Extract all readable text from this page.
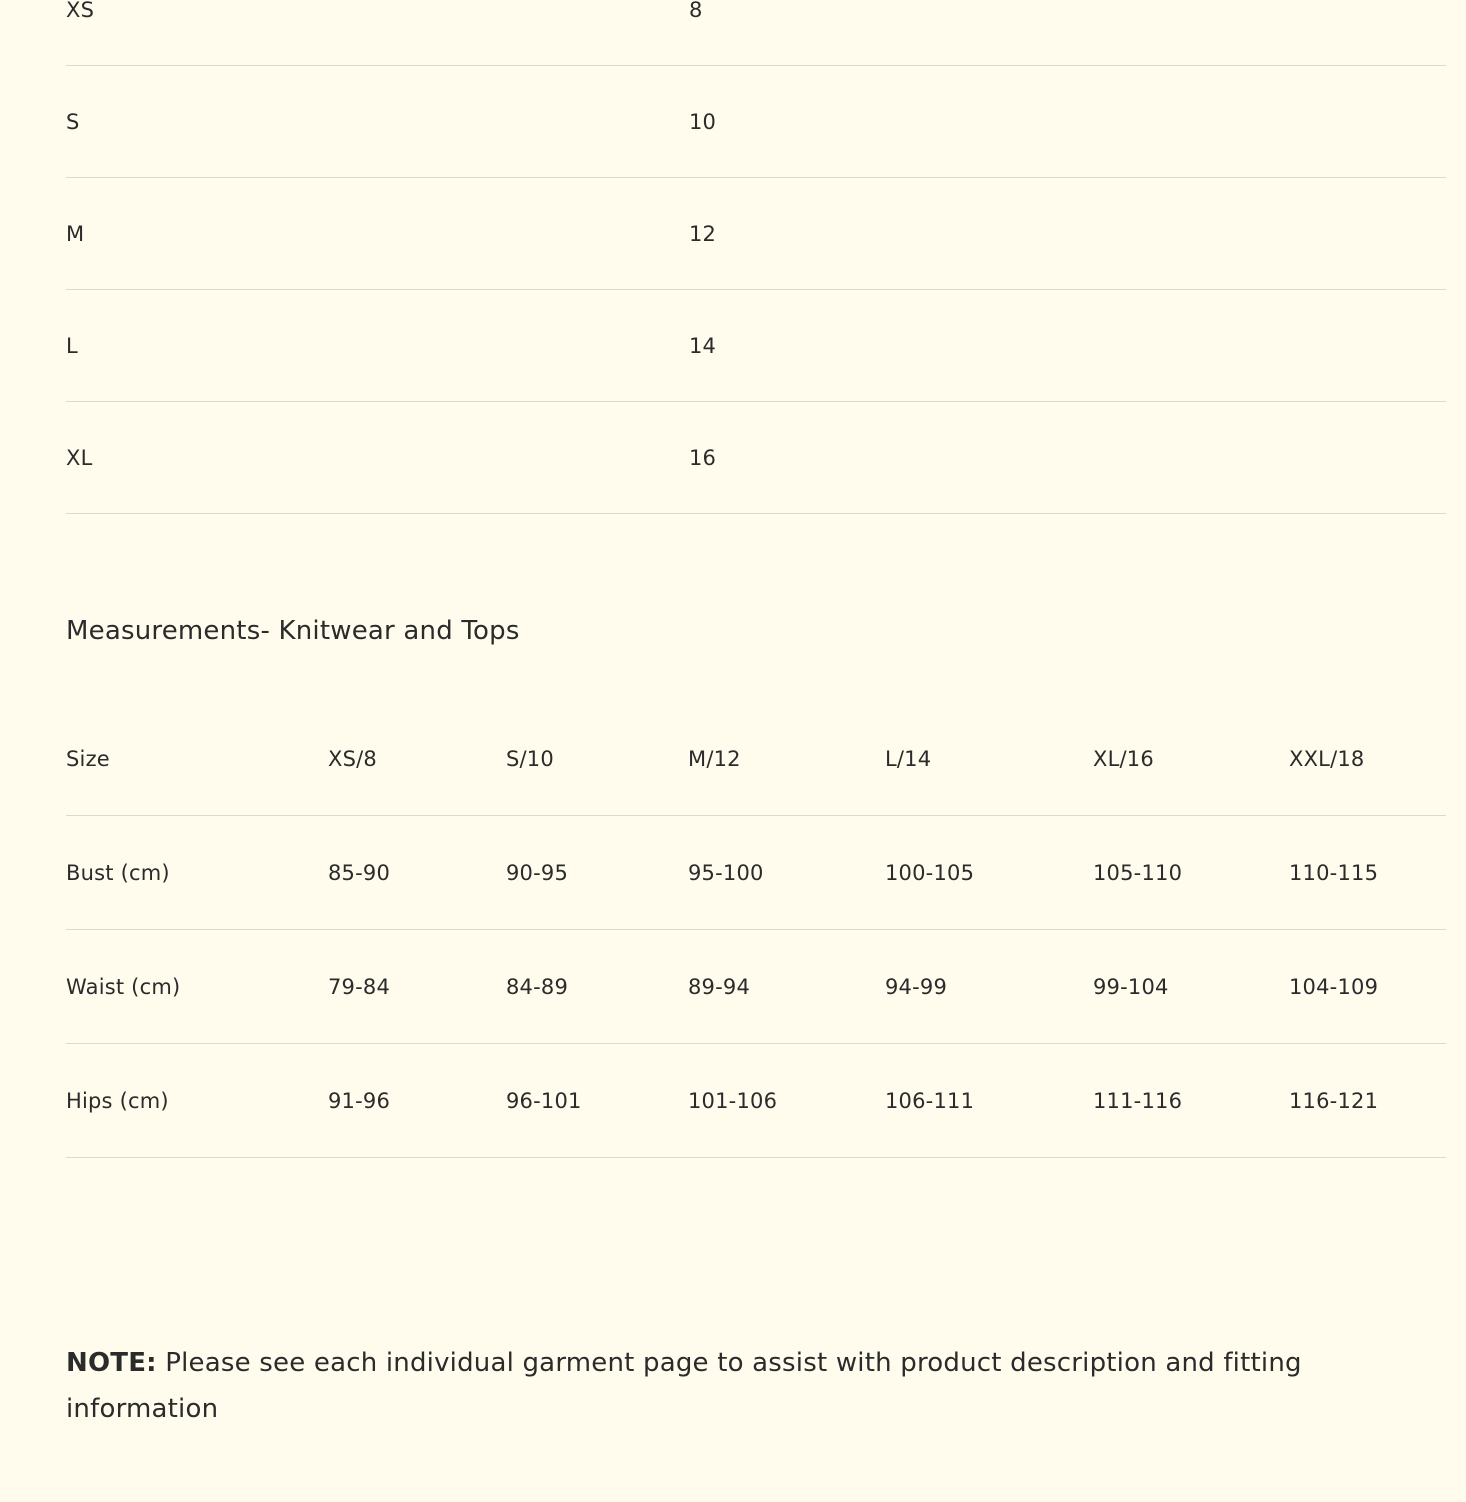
XS	8
S	10
M	12
L	14
XL	16
Measurements- Knitwear and Tops
Size	XS/8	S/10	M/12	L/14	XL/16	XXL/18
Bust (cm)	85-90	90-95	95-100	100-105	105-110	110-115
Waist (cm)	79-84	84-89	89-94	94-99	99-104	104-109
Hips (cm)	91-96	96-101	101-106	106-111	111-116	116-121

NOTE: Please see each individual garment page to assist with product description and fitting information
